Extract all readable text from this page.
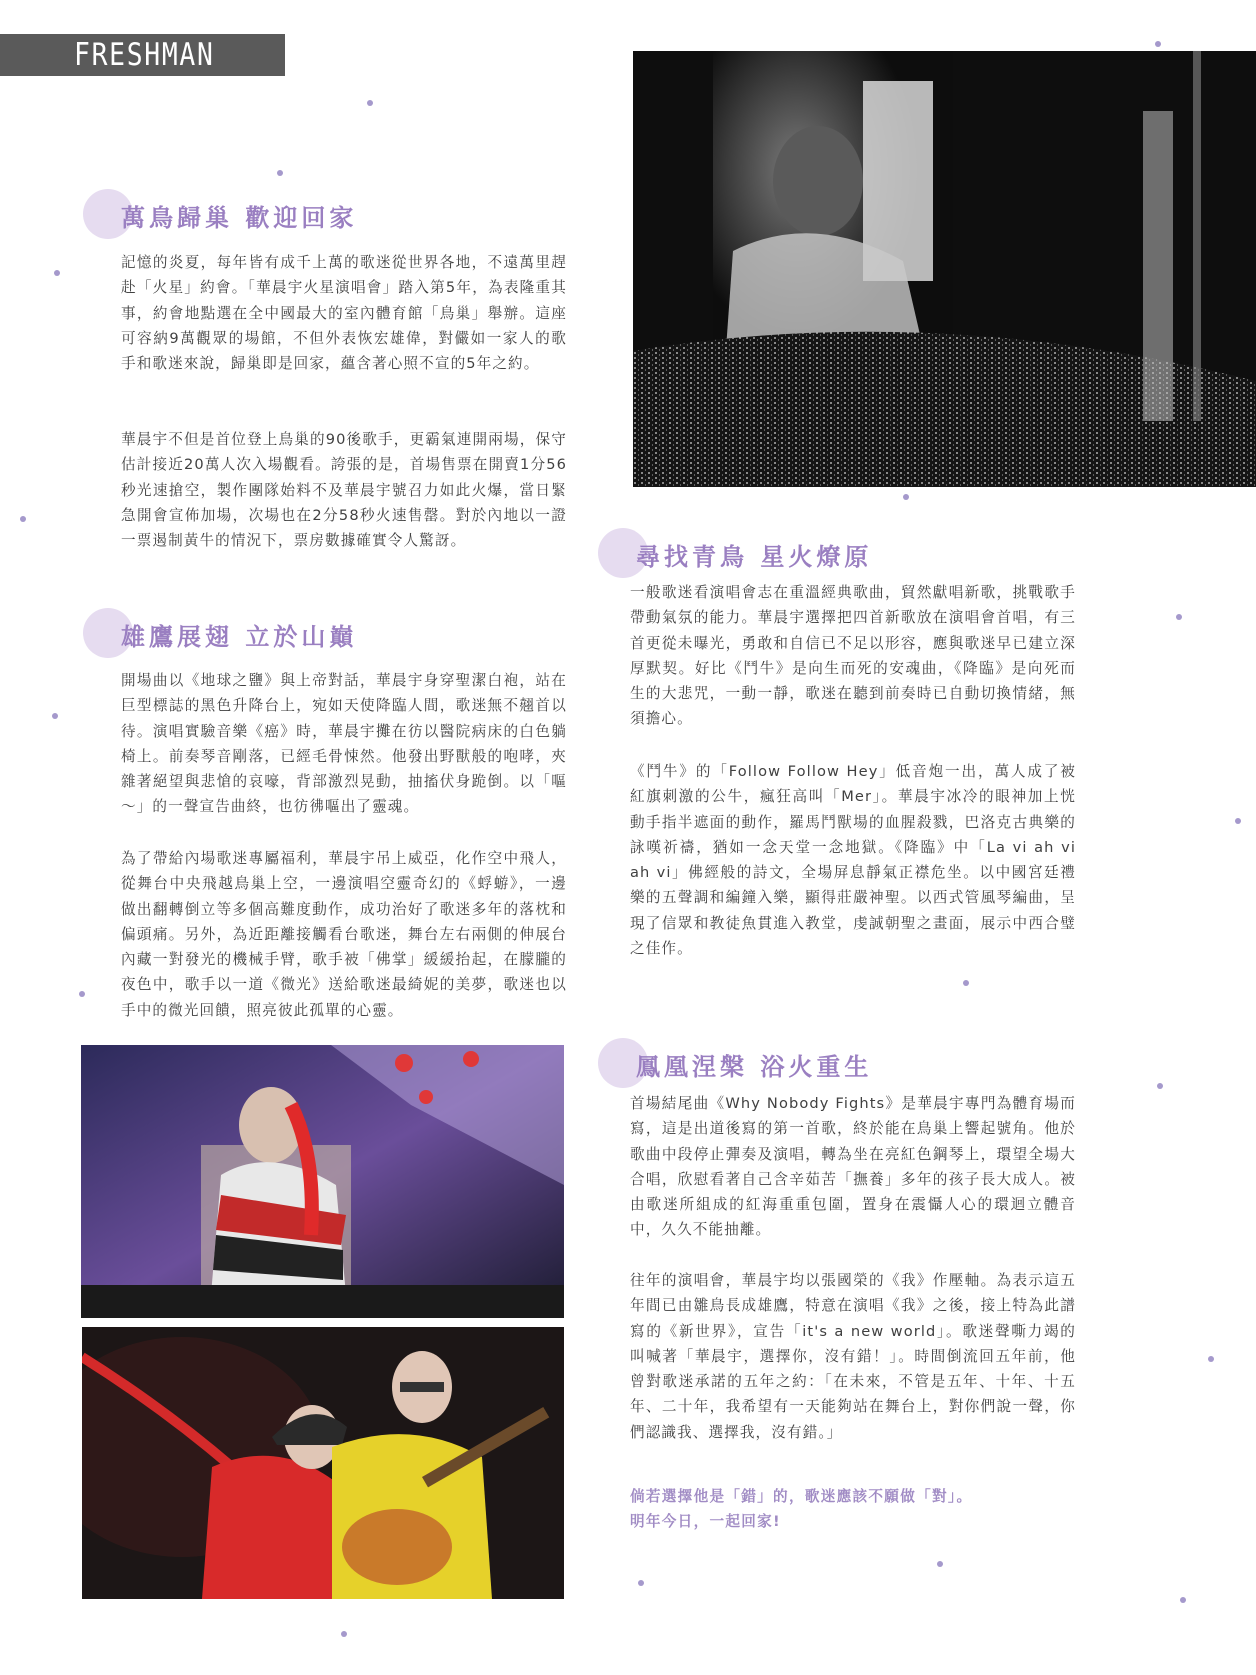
FRESHMAN
萬鳥歸巢 歡迎回家

記憶的炎夏，每年皆有成千上萬的歌迷從世界各地，不遠萬里趕赴「火星」約會。「華晨宇火星演唱會」踏入第5年，為表隆重其事，約會地點選在全中國最大的室內體育館「鳥巢」舉辦。這座可容納9萬觀眾的場館，不但外表恢宏雄偉，對儼如一家人的歌手和歌迷來說，歸巢即是回家，蘊含著心照不宣的5年之約。

華晨宇不但是首位登上鳥巢的90後歌手，更霸氣連開兩場，保守估計接近20萬人次入場觀看。誇張的是，首場售票在開賣1分56秒光速搶空，製作團隊始料不及華晨宇號召力如此火爆，當日緊急開會宣佈加場，次場也在2分58秒火速售罄。對於內地以一證一票遏制黃牛的情況下，票房數據確實令人驚訝。

雄鷹展翅 立於山巔

開場曲以《地球之鹽》與上帝對話，華晨宇身穿聖潔白袍，站在巨型標誌的黑色升降台上，宛如天使降臨人間，歌迷無不翹首以待。演唱實驗音樂《癌》時，華晨宇攤在彷以醫院病床的白色躺椅上。前奏琴音剛落，已經毛骨悚然。他發出野獸般的咆哮，夾雜著絕望與悲愴的哀嚎，背部激烈晃動，抽搐伏身跪倒。以「嘔～」的一聲宣告曲終，也彷彿嘔出了靈魂。

為了帶給內場歌迷專屬福利，華晨宇吊上威亞，化作空中飛人，從舞台中央飛越鳥巢上空，一邊演唱空靈奇幻的《蜉蝣》，一邊做出翻轉倒立等多個高難度動作，成功治好了歌迷多年的落枕和偏頭痛。另外，為近距離接觸看台歌迷，舞台左右兩側的伸展台內藏一對發光的機械手臂，歌手被「佛掌」緩緩抬起，在朦朧的夜色中，歌手以一道《微光》送給歌迷最綺妮的美夢，歌迷也以手中的微光回饋，照亮彼此孤單的心靈。

尋找青鳥 星火燎原

一般歌迷看演唱會志在重溫經典歌曲，貿然獻唱新歌，挑戰歌手帶動氣氛的能力。華晨宇選擇把四首新歌放在演唱會首唱，有三首更從未曝光，勇敢和自信已不足以形容，應與歌迷早已建立深厚默契。好比《鬥牛》是向生而死的安魂曲，《降臨》是向死而生的大悲咒，一動一靜，歌迷在聽到前奏時已自動切換情緒，無須擔心。

《鬥牛》的「Follow Follow Hey」低音炮一出，萬人成了被紅旗刺激的公牛，瘋狂高叫「Mer」。華晨宇冰冷的眼神加上恍動手指半遮面的動作，羅馬鬥獸場的血腥殺戮，巴洛克古典樂的詠嘆祈禱，猶如一念天堂一念地獄。《降臨》中「La vi ah vi ah vi」佛經般的詩文，全場屏息靜氣正襟危坐。以中國宮廷禮樂的五聲調和編鐘入樂，顯得莊嚴神聖。以西式管風琴編曲，呈現了信眾和教徒魚貫進入教堂，虔誠朝聖之畫面，展示中西合璧之佳作。

鳳凰涅槃 浴火重生

首場結尾曲《Why Nobody Fights》是華晨宇專門為體育場而寫，這是出道後寫的第一首歌，終於能在鳥巢上響起號角。他於歌曲中段停止彈奏及演唱，轉為坐在亮紅色鋼琴上，環望全場大合唱，欣慰看著自己含辛茹苦「撫養」多年的孩子長大成人。被由歌迷所組成的紅海重重包圍，置身在震懾人心的環迴立體音中，久久不能抽離。

往年的演唱會，華晨宇均以張國榮的《我》作壓軸。為表示這五年間已由雛鳥長成雄鷹，特意在演唱《我》之後，接上特為此譜寫的《新世界》，宣告「it's a new world」。歌迷聲嘶力竭的叫喊著「華晨宇，選擇你，沒有錯！」。時間倒流回五年前，他曾對歌迷承諾的五年之約：「在未來，不管是五年、十年、十五年、二十年，我希望有一天能夠站在舞台上，對你們說一聲，你們認識我、選擇我，沒有錯。」

倘若選擇他是「錯」的，歌迷應該不願做「對」。

明年今日，一起回家!
